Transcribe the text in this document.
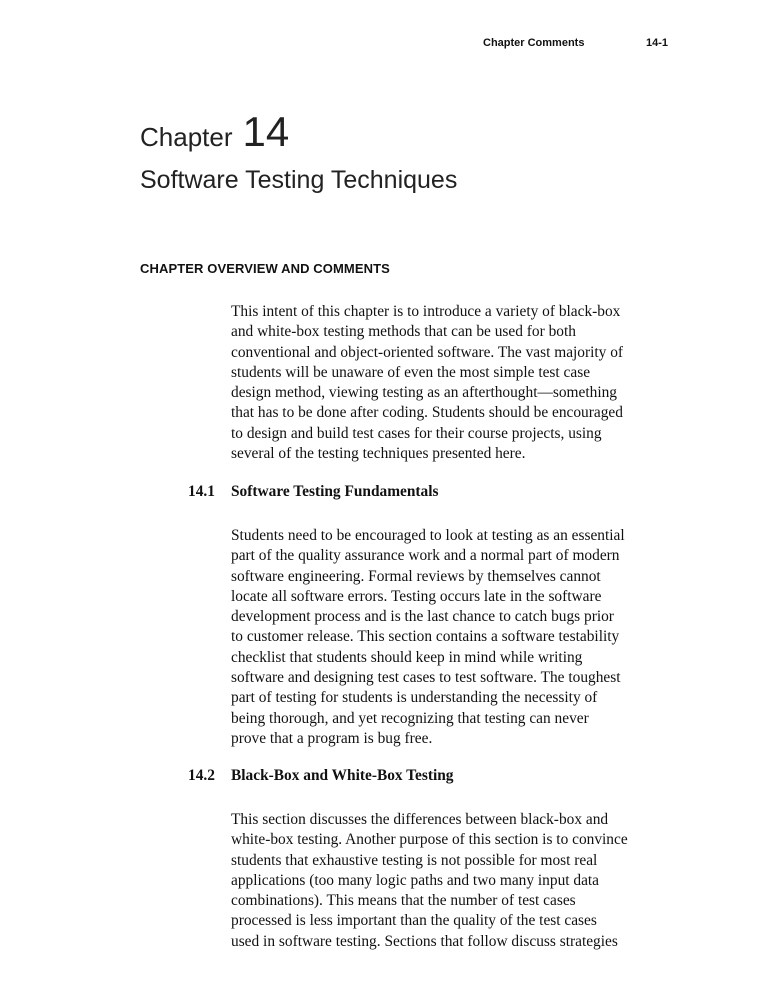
Chapter Comments	14-1
Chapter 14
Software Testing Techniques
CHAPTER OVERVIEW AND COMMENTS
This intent of this chapter is to introduce a variety of black-box
and white-box testing methods that can be used for both
conventional and object-oriented software. The vast majority of
students will be unaware of even the most simple test case
design method, viewing testing as an afterthought—something
that has to be done after coding. Students should be encouraged
to design and build test cases for their course projects, using
several of the testing techniques presented here.
14.1 Software Testing Fundamentals
Students need to be encouraged to look at testing as an essential
part of the quality assurance work and a normal part of modern
software engineering. Formal reviews by themselves cannot
locate all software errors. Testing occurs late in the software
development process and is the last chance to catch bugs prior
to customer release. This section contains a software testability
checklist that students should keep in mind while writing
software and designing test cases to test software. The toughest
part of testing for students is understanding the necessity of
being thorough, and yet recognizing that testing can never
prove that a program is bug free.
14.2 Black-Box and White-Box Testing
This section discusses the differences between black-box and
white-box testing. Another purpose of this section is to convince
students that exhaustive testing is not possible for most real
applications (too many logic paths and two many input data
combinations). This means that the number of test cases
processed is less important than the quality of the test cases
used in software testing. Sections that follow discuss strategies
